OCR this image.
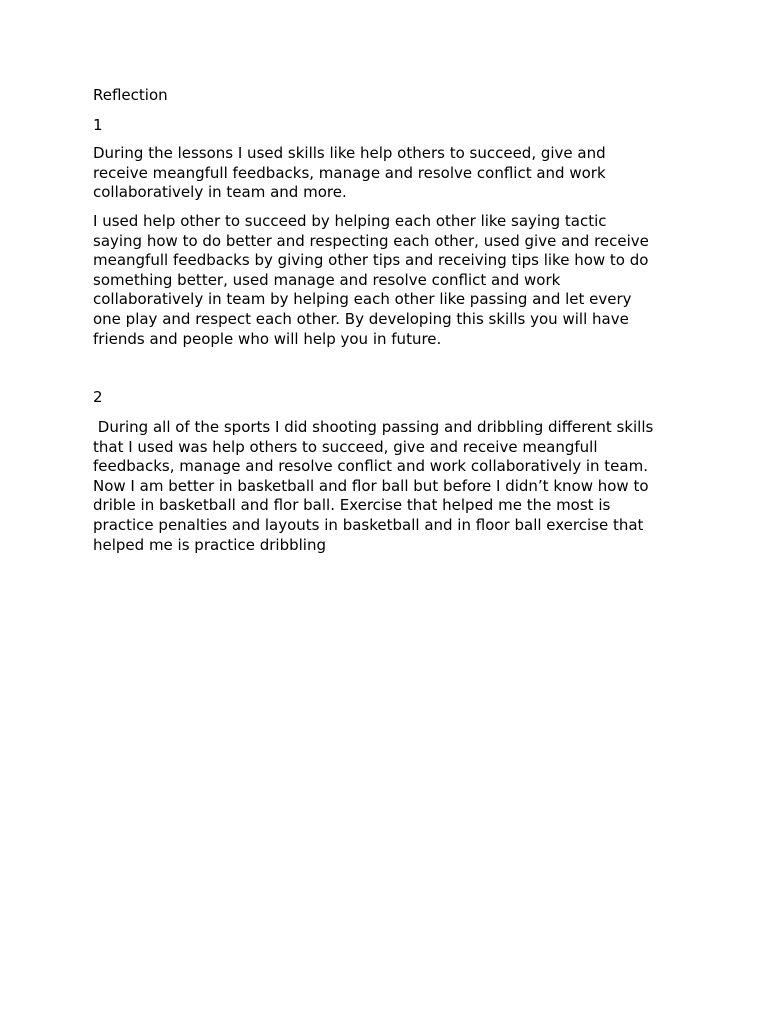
Reflection
1
During the lessons I used skills like help others to succeed, give and
receive meangfull feedbacks, manage and resolve conflict and work
collaboratively in team and more.
I used help other to succeed by helping each other like saying tactic
saying how to do better and respecting each other, used give and receive
meangfull feedbacks by giving other tips and receiving tips like how to do
something better, used manage and resolve conflict and work
collaboratively in team by helping each other like passing and let every
one play and respect each other. By developing this skills you will have
friends and people who will help you in future.
2
During all of the sports I did shooting passing and dribbling different skills
that I used was help others to succeed, give and receive meangfull
feedbacks, manage and resolve conflict and work collaboratively in team.
Now I am better in basketball and flor ball but before I didn’t know how to
drible in basketball and flor ball. Exercise that helped me the most is
practice penalties and layouts in basketball and in floor ball exercise that
helped me is practice dribbling
